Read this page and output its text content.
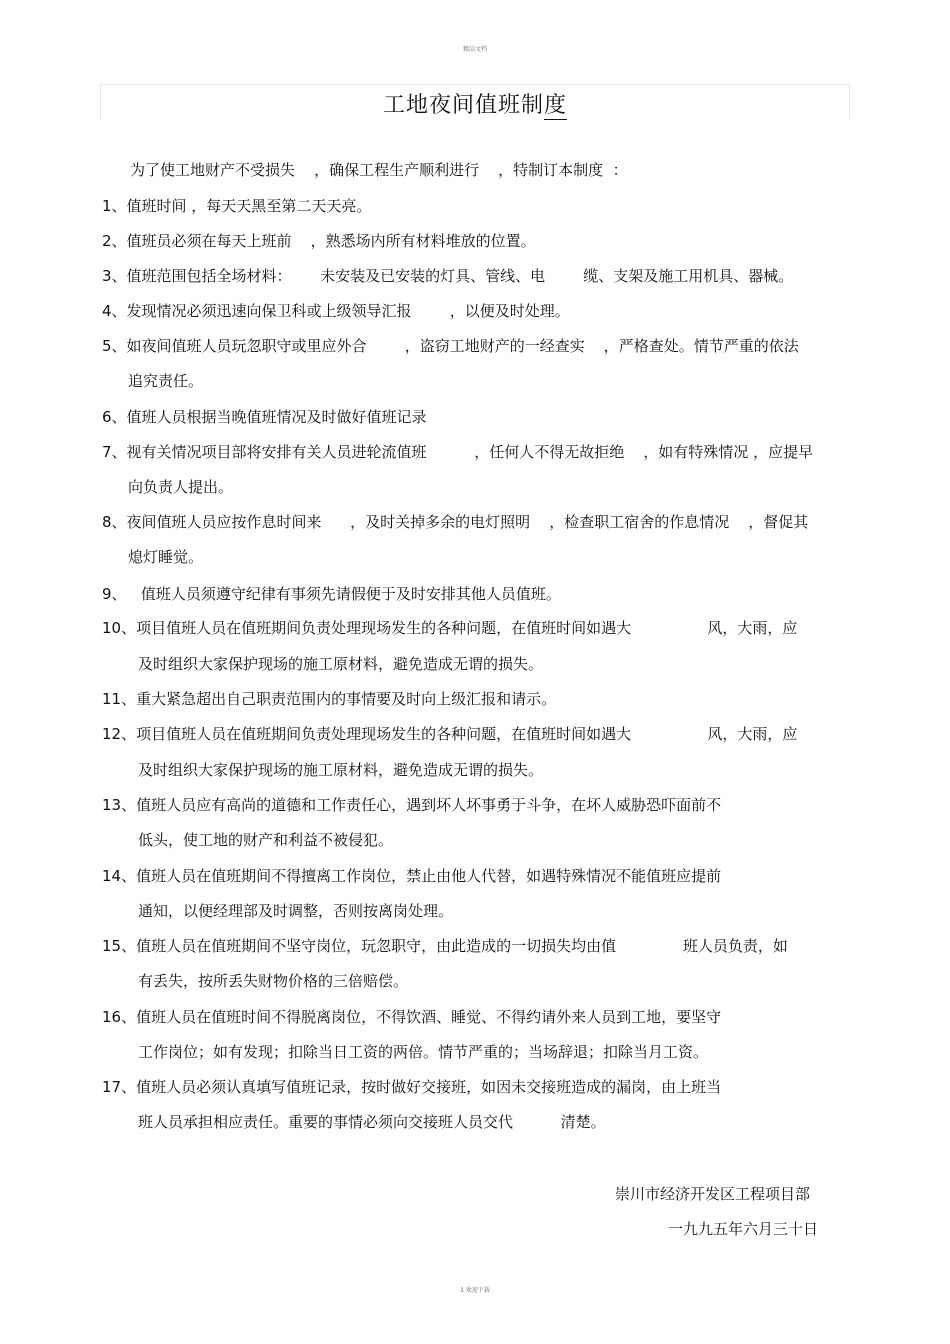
精品文档
工地夜间值班制度
为了使工地财产不受损失    ，确保工程生产顺利进行    ，特制订本制度  ：
1、值班时间 ，每天天黑至第二天天亮。
2、值班员必须在每天上班前    ，熟悉场内所有材料堆放的位置。
3、值班范围包括全场材料：      未安装及已安装的灯具、管线、电        缆、支架及施工用机具、器械。
4、发现情况必须迅速向保卫科或上级领导汇报        ，以便及时处理。
5、如夜间值班人员玩忽职守或里应外合        ，盗窃工地财产的一经查实    ，严格查处。情节严重的依法
追究责任。
6、值班人员根据当晚值班情况及时做好值班记录
7、视有关情况项目部将安排有关人员进轮流值班          ，任何人不得无故拒绝    ，如有特殊情况 ，应提早
向负责人提出。
8、夜间值班人员应按作息时间来      ，及时关掉多余的电灯照明    ，检查职工宿舍的作息情况    ，督促其
熄灯睡觉。
9、   值班人员须遵守纪律有事须先请假便于及时安排其他人员值班。
10、项目值班人员在值班期间负责处理现场发生的各种问题，在值班时间如遇大                风，大雨，应
及时组织大家保护现场的施工原材料，避免造成无谓的损失。
11、重大紧急超出自己职责范围内的事情要及时向上级汇报和请示。
12、项目值班人员在值班期间负责处理现场发生的各种问题，在值班时间如遇大                风，大雨，应
及时组织大家保护现场的施工原材料，避免造成无谓的损失。
13、值班人员应有高尚的道德和工作责任心，遇到坏人坏事勇于斗争，在坏人威胁恐吓面前不
低头，使工地的财产和利益不被侵犯。
14、值班人员在值班期间不得擅离工作岗位，禁止由他人代替，如遇特殊情况不能值班应提前
通知，以便经理部及时调整，否则按离岗处理。
15、值班人员在值班期间不坚守岗位，玩忽职守，由此造成的一切损失均由值              班人员负责，如
有丢失，按所丢失财物价格的三倍赔偿。
16、值班人员在值班时间不得脱离岗位，不得饮酒、睡觉、不得约请外来人员到工地，要坚守
工作岗位；如有发现；扣除当日工资的两倍。情节严重的；当场辞退；扣除当月工资。
17、值班人员必须认真填写值班记录，按时做好交接班，如因未交接班造成的漏岗，由上班当
班人员承担相应责任。重要的事情必须向交接班人员交代          清楚。
崇川市经济开发区工程项目部
一九九五年六月三十日
1 欢迎下载
